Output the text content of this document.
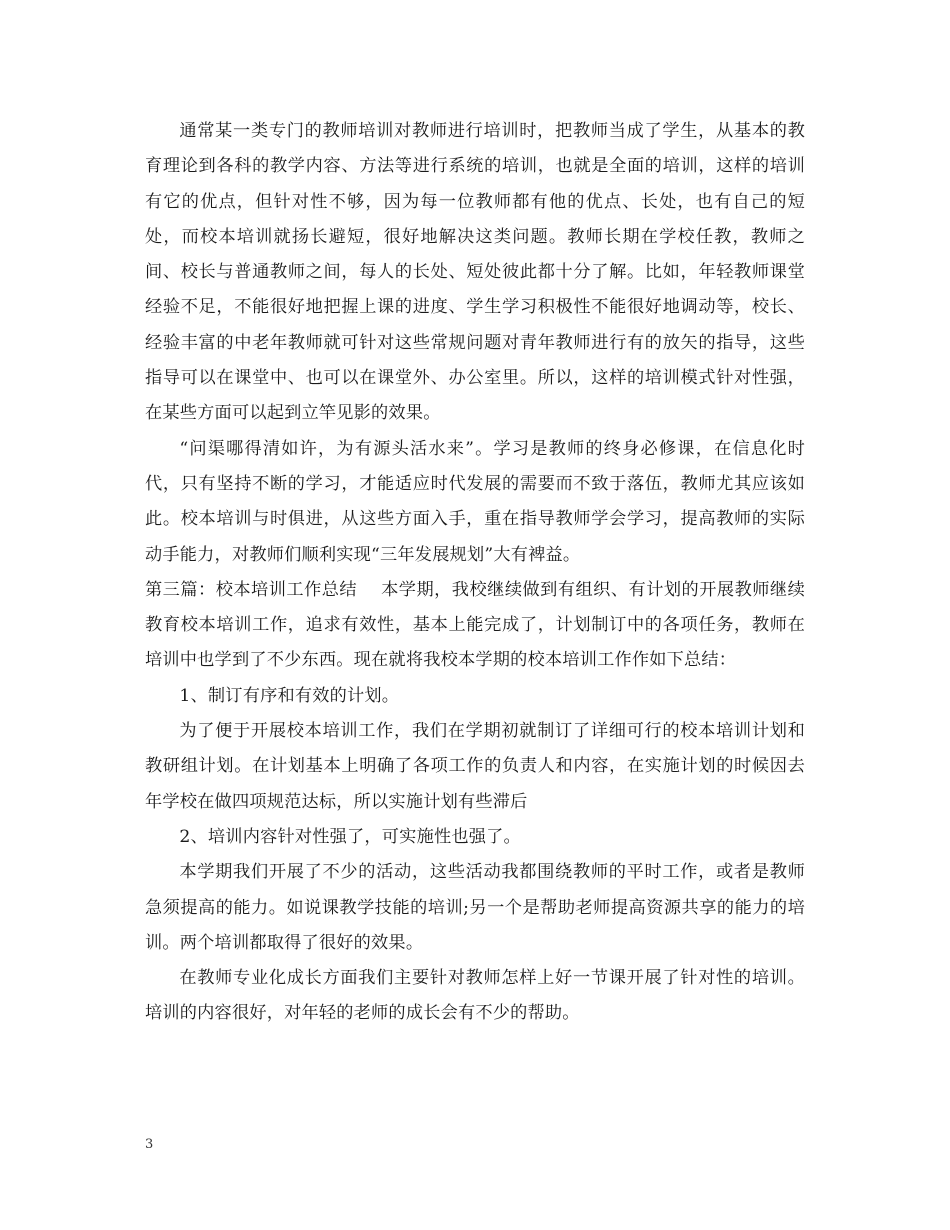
通常某一类专门的教师培训对教师进行培训时，把教师当成了学生，从基本的教育理论到各科的教学内容、方法等进行系统的培训，也就是全面的培训，这样的培训有它的优点，但针对性不够，因为每一位教师都有他的优点、长处，也有自己的短处，而校本培训就扬长避短，很好地解决这类问题。教师长期在学校任教，教师之间、校长与普通教师之间，每人的长处、短处彼此都十分了解。比如，年轻教师课堂经验不足，不能很好地把握上课的进度、学生学习积极性不能很好地调动等，校长、经验丰富的中老年教师就可针对这些常规问题对青年教师进行有的放矢的指导，这些指导可以在课堂中、也可以在课堂外、办公室里。所以，这样的培训模式针对性强，在某些方面可以起到立竿见影的效果。

“问渠哪得清如许，为有源头活水来”。学习是教师的终身必修课，在信息化时代，只有坚持不断的学习，才能适应时代发展的需要而不致于落伍，教师尤其应该如此。校本培训与时俱进，从这些方面入手，重在指导教师学会学习，提高教师的实际动手能力，对教师们顺利实现“三年发展规划”大有裨益。

第三篇：校本培训工作总结 本学期，我校继续做到有组织、有计划的开展教师继续教育校本培训工作，追求有效性，基本上能完成了，计划制订中的各项任务，教师在培训中也学到了不少东西。现在就将我校本学期的校本培训工作作如下总结：

1、制订有序和有效的计划。

为了便于开展校本培训工作，我们在学期初就制订了详细可行的校本培训计划和教研组计划。在计划基本上明确了各项工作的负责人和内容，在实施计划的时候因去年学校在做四项规范达标，所以实施计划有些滞后

2、培训内容针对性强了，可实施性也强了。

本学期我们开展了不少的活动，这些活动我都围绕教师的平时工作，或者是教师急须提高的能力。如说课教学技能的培训;另一个是帮助老师提高资源共享的能力的培训。两个培训都取得了很好的效果。

在教师专业化成长方面我们主要针对教师怎样上好一节课开展了针对性的培训。培训的内容很好，对年轻的老师的成长会有不少的帮助。

3
